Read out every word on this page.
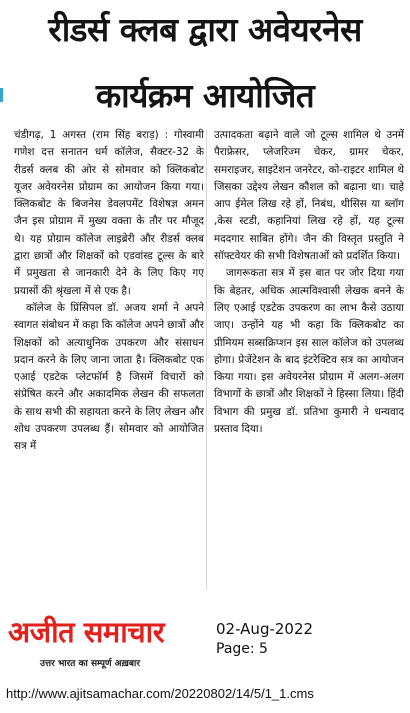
रीडर्स क्लब द्वारा अवेयरनेस
कार्यक्रम आयोजित

चंडीगढ़, 1 अगस्त (राम सिंह बराड़) : गोस्वामी गणेश दत्त सनातन धर्म कॉलेज, सैक्टर-32 के रीडर्स क्लब की ओर से सोमवार को क्लिकबोट यूजर अवेयरनेस प्रोग्राम का आयोजन किया गया। क्लिकबोट के बिजनेस डेवलपमेंट विशेषज्ञ अमन जैन इस प्रोग्राम में मुख्य वक्ता के तौर पर मौजूद थे। यह प्रोग्राम कॉलेज लाइब्रेरी और रीडर्स क्लब द्वारा छात्रों और शिक्षकों को एडवांस्ड टूल्स के बारे में प्रमुखता से जानकारी देने के लिए किए गए प्रयासों की श्रृंखला में से एक है।

कॉलेज के प्रिंसिपल डॉ. अजय शर्मा ने अपने स्वागत संबोधन में कहा कि कॉलेज अपने छात्रों और शिक्षकों को अत्याधुनिक उपकरण और संसाधन प्रदान करने के लिए जाना जाता है। क्लिकबोट एक एआई एडटेक प्लेटफॉर्म है जिसमें विचारों को संप्रेषित करने और अकादमिक लेखन की सफलता के साथ सभी की सहायता करने के लिए लेखन और शोध उपकरण उपलब्ध हैं। सोमवार को आयोजित सत्र में

उत्पादकता बढ़ाने वाले जो टूल्स शामिल थे उनमें पैराफ्रेसर, प्लेजरिज्म चेकर, ग्रामर चेकर, समराइजर, साइटेशन जनरेटर, को-राइटर शामिल थे जिसका उद्देश्य लेखन कौशल को बढ़ाना था। चाहे आप ईमेल लिख रहे हों, निबंध, थीसिस या ब्लॉग ,केस स्टडी, कहानियां लिख रहे हों, यह टूल्स मददगार साबित होंगे। जैन की विस्तृत प्रस्तुति ने सॉफ्टवेयर की सभी विशेषताओं को प्रदर्शित किया।

जागरूकता सत्र में इस बात पर जोर दिया गया कि बेहतर, अधिक आत्मविश्वासी लेखक बनने के लिए एआई एडटेक उपकरण का लाभ कैसे उठाया जाए। उन्होंने यह भी कहा कि क्लिकबोट का प्रीमियम सब्सक्रिप्शन इस साल कॉलेज को उपलब्ध होगा। प्रेजेंटेशन के बाद इंटरेक्टिव सत्र का आयोजन किया गया। इस अवेयरनेस प्रोग्राम में अलग-अलग विभागों के छात्रों और शिक्षकों ने हिस्सा लिया। हिंदी विभाग की प्रमुख डॉ. प्रतिभा कुमारी ने धन्यवाद प्रस्ताव दिया।

अजीत समाचार
उत्तर भारत का सम्पूर्ण अख़बार
02-Aug-2022
Page: 5
http://www.ajitsamachar.com/20220802/14/5/1_1.cms
